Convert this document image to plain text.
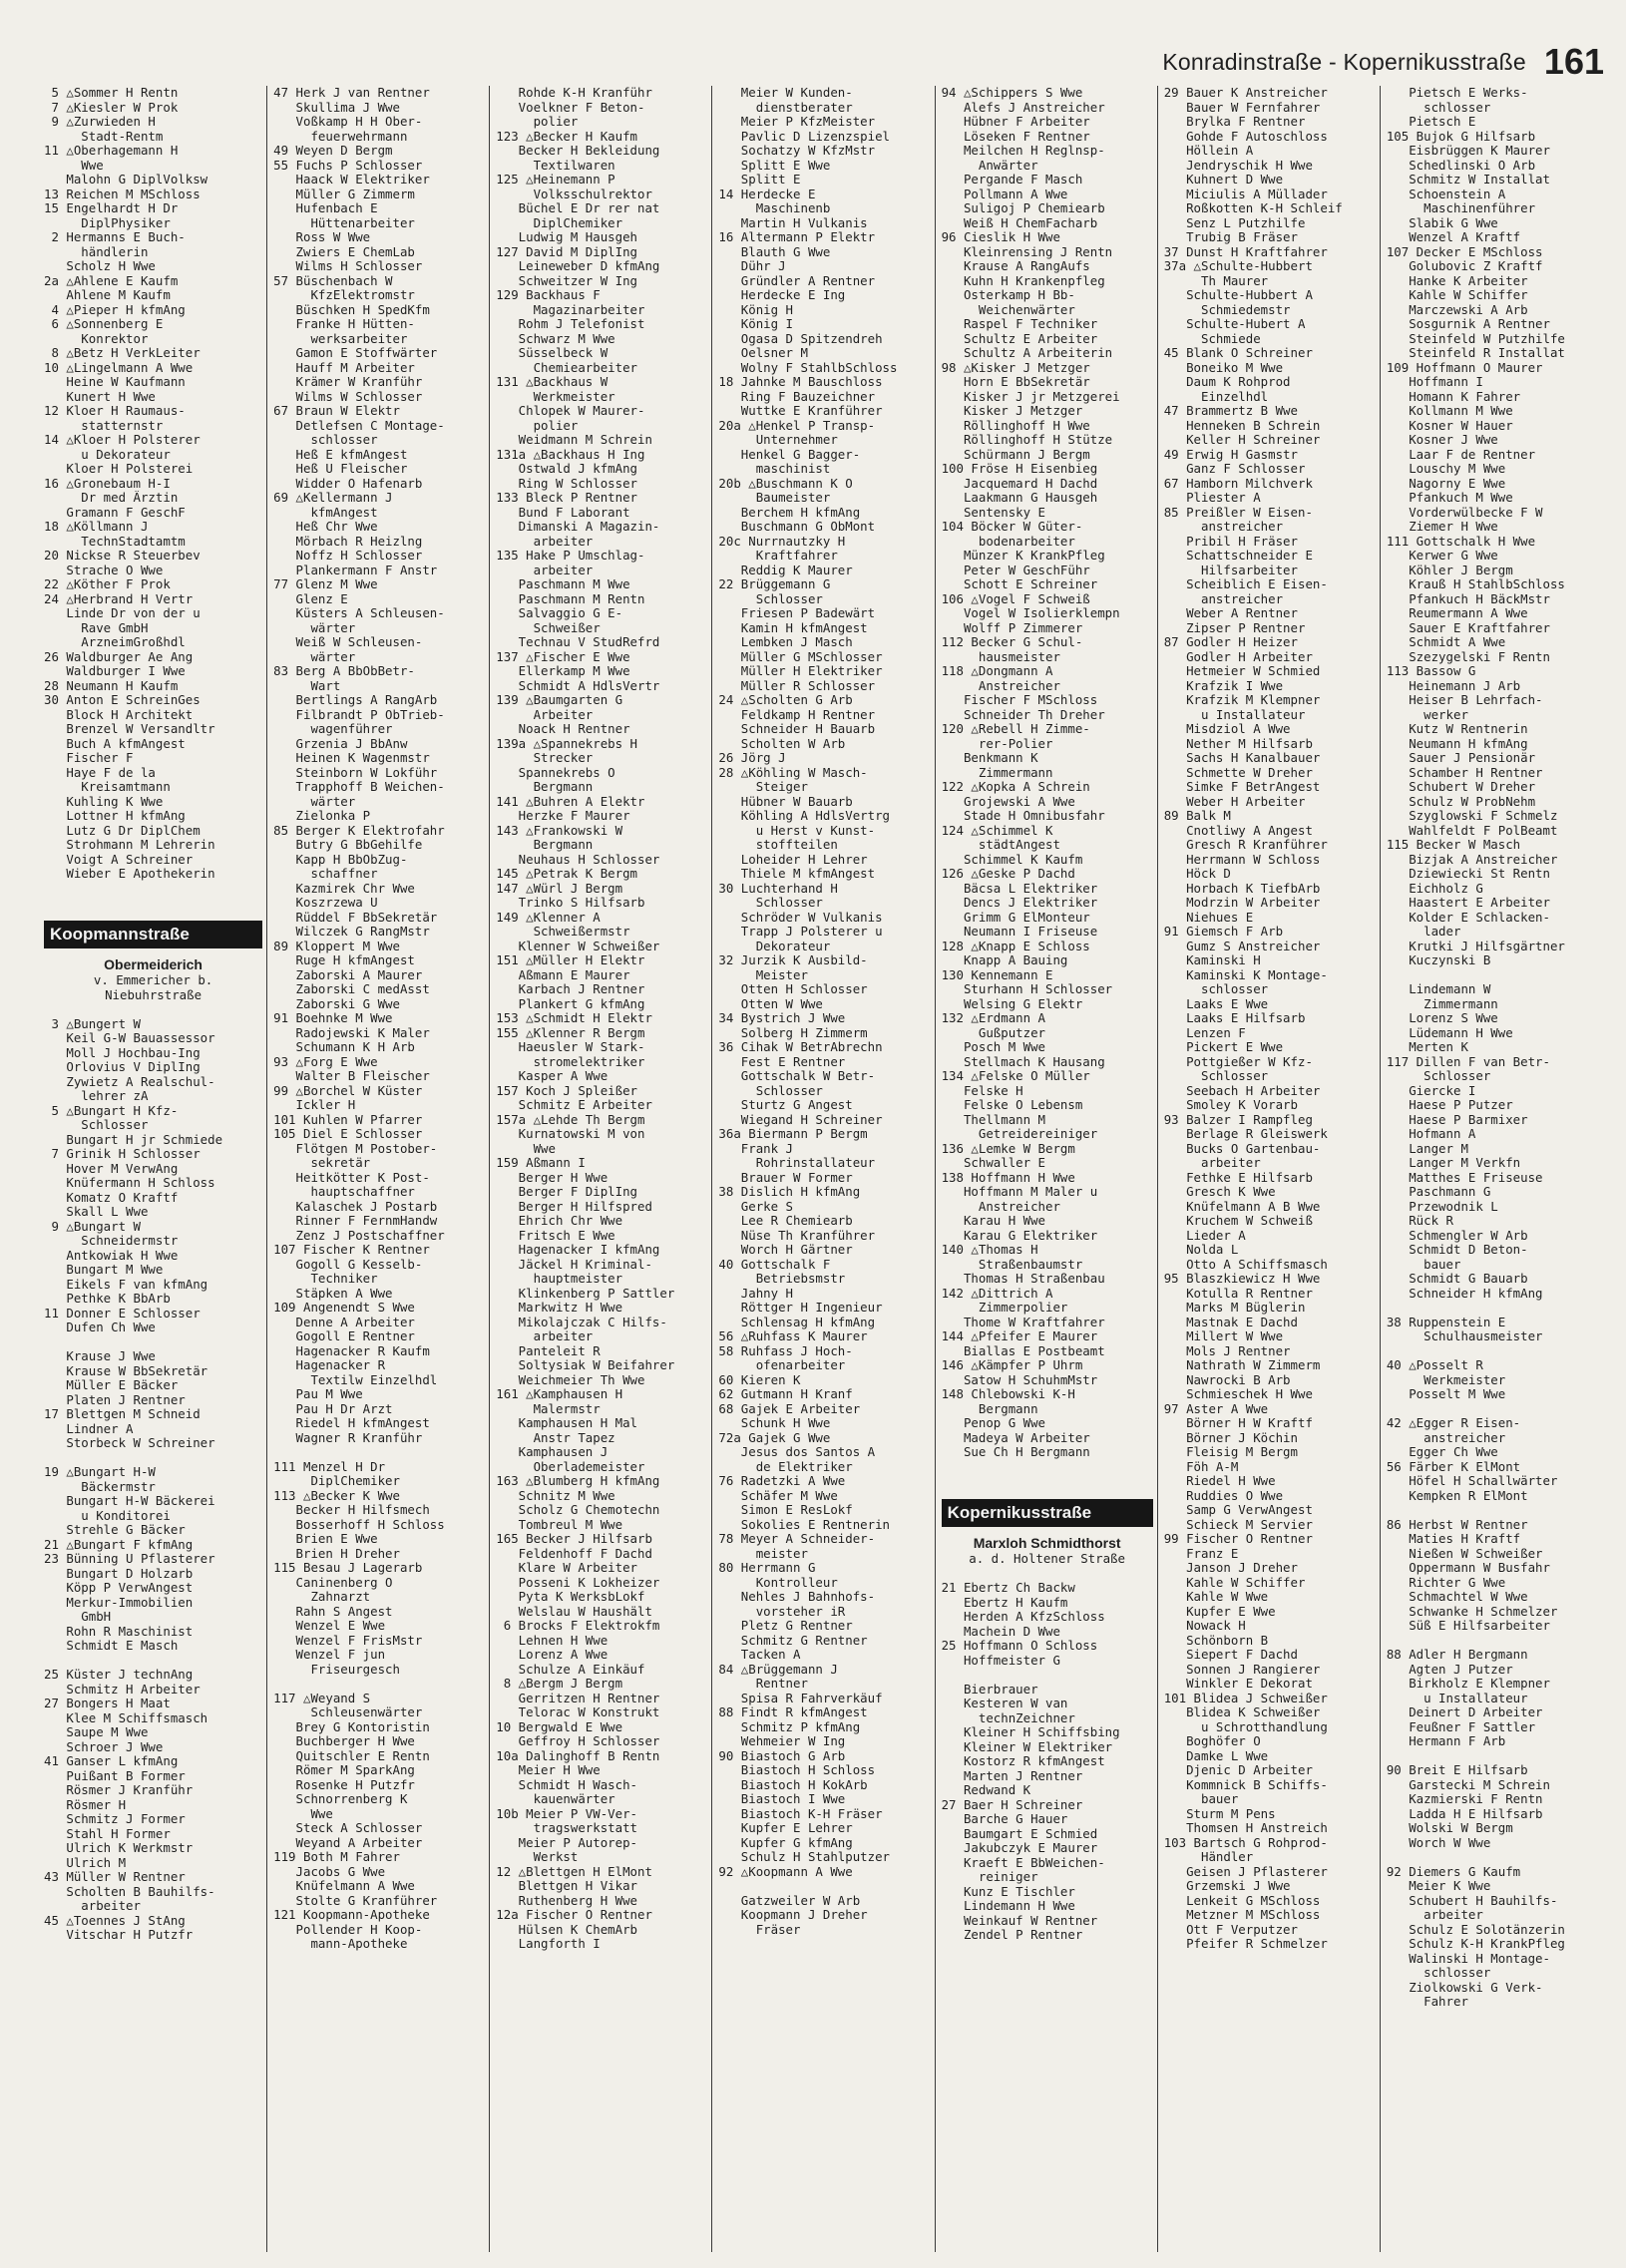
Konradinstraße - Kopernikusstraße 161
5 △Sommer H Rentn
7 △Kiesler W Prok
9 △Zurwieden H
Stadt-Rentm
11 △Oberhagemann H
Wwe
Malohn G DiplVolksw
13 Reichen M MSchloss
15 Engelhardt H Dr
DiplPhysiker
2 Hermanns E Buch-
händlerin
Scholz H Wwe
2a △Ahlene E Kaufm
Ahlene M Kaufm
4 △Pieper H kfmAng
6 △Sonnenberg E
Konrektor
8 △Betz H VerkLeiter
10 △Lingelmann A Wwe
Heine W Kaufmann
Kunert H Wwe
12 Kloer H Raumaus-
statternstr
14 △Kloer H Polsterer
u Dekorateur
Kloer H Polsterei
16 △Gronebaum H-I
Dr med Ärztin
Gramann F GeschF
18 △Köllmann J
TechnStadtamtm
20 Nickse R Steuerbev
Strache O Wwe
22 △Köther F Prok
24 △Herbrand H Vertr
Linde Dr von der u
Rave GmbH
ArzneimGroßhdl
26 Waldburger Ae Ang
Waldburger I Wwe
28 Neumann H Kaufm
30 Anton E SchreinGes
Block H Architekt
Brenzel W Versandltr
Buch A kfmAngest
Fischer F
Haye F de la
Kreisamtmann
Kuhling K Wwe
Lottner H kfmAng
Lutz G Dr DiplChem
Strohmann M Lehrerin
Voigt A Schreiner
Wieber E Apothekerin
Koopmannstraße
Obermeiderich
v. Emmericher b.
Niebuhrstraße
3 △Bungert W
Keil G-W Bauassessor
Moll J Hochbau-Ing
Orlovius V DiplIng
Zywietz A Realschul-
lehrer zA
5 △Bungart H Kfz-
Schlosser
Bungart H jr Schmiede
7 Grinik H Schlosser
Hover M VerwAng
Knüfermann H Schloss
Komatz O Kraftf
Skall L Wwe
9 △Bungart W
Schneidermstr
Antkowiak H Wwe
Bungart M Wwe
Eikels F van kfmAng
Pethke K BbArb
11 Donner E Schlosser
Dufen Ch Wwe
Krause J Wwe
Krause W BbSekretär
Müller E Bäcker
Platen J Rentner
17 Blettgen M Schneid
Lindner A
Storbeck W Schreiner
19 △Bungart H-W
Bäckermstr
Bungart H-W Bäckerei
u Konditorei
Strehle G Bäcker
21 △Bungart F kfmAng
23 Bünning U Pflasterer
Bungart D Holzarb
Köpp P VerwAngest
Merkur-Immobilien
GmbH
Rohn R Maschinist
Schmidt E Masch
25 Küster J technAng
Schmitz H Arbeiter
27 Bongers H Maat
Klee M Schiffsmasch
Saupe M Wwe
Schroer J Wwe
41 Ganser L kfmAng
Puißant B Former
Rösmer J Kranführ
Rösmer H
Schmitz J Former
Stahl H Former
Ulrich K Werkmstr
Ulrich M
43 Müller W Rentner
Scholten B Bauhilfs-
arbeiter
45 △Toennes J StAng
Vitschar H Putzfr
47 Herk J van Rentner
Skullima J Wwe
Voßkamp H H Ober-
feuerwehrmann
49 Weyen D Bergm
55 Fuchs P Schlosser
Haack W Elektriker
Müller G Zimmerm
Hufenbach E
Hüttenarbeiter
Ross W Wwe
Zwiers E ChemLab
Wilms H Schlosser
57 Büschenbach W
KfzElektromstr
Büschken H SpedKfm
Franke H Hütten-
werksarbeiter
Gamon E Stoffwärter
Hauff M Arbeiter
Krämer W Kranführ
Wilms W Schlosser
67 Braun W Elektr
Detlefsen C Montage-
schlosser
Heß E kfmAngest
Heß U Fleischer
Widder O Hafenarb
69 △Kellermann J
kfmAngest
Heß Chr Wwe
Mörbach R Heizlng
Noffz H Schlosser
Plankermann F Anstr
77 Glenz M Wwe
Glenz E
Küsters A Schleusen-
wärter
Weiß W Schleusen-
wärter
83 Berg A BbObBetr-
Wart
Bertlings A RangArb
Filbrandt P ObTrieb-
wagenführer
Grzenia J BbAnw
Heinen K Wagenmstr
Steinborn W Lokführ
Trapphoff B Weichen-
wärter
Zielonka P
85 Berger K Elektrofahr
Butry G BbGehilfe
Kapp H BbObZug-
schaffner
Kazmirek Chr Wwe
Koszrzewa U
Rüddel F BbSekretär
Wilczek G RangMstr
89 Kloppert M Wwe
Ruge H kfmAngest
Zaborski A Maurer
Zaborski C medAsst
Zaborski G Wwe
91 Boehnke M Wwe
Radojewski K Maler
Schumann K H Arb
93 △Forg E Wwe
Walter B Fleischer
99 △Borchel W Küster
Ickler H
101 Kuhlen W Pfarrer
105 Diel E Schlosser
Flötgen M Postober-
sekretär
Heitkötter K Post-
hauptschaffner
Kalaschek J Postarb
Rinner F FernmHandw
Zenz J Postschaffner
107 Fischer K Rentner
Gogoll G Kesselb-
Techniker
Stäpken A Wwe
109 Angenendt S Wwe
Denne A Arbeiter
Gogoll E Rentner
Hagenacker R Kaufm
Hagenacker R
Textilw Einzelhdl
Pau M Wwe
Pau H Dr Arzt
Riedel H kfmAngest
Wagner R Kranführ
111 Menzel H Dr
DiplChemiker
113 △Becker K Wwe
Becker H Hilfsmech
Bosserhoff H Schloss
Brien E Wwe
Brien H Dreher
115 Besau J Lagerarb
Caninenberg O
Zahnarzt
Rahn S Angest
Wenzel E Wwe
Wenzel F FrisMstr
Wenzel F jun
Friseurgesch
117 △Weyand S
Schleusenwärter
Brey G Kontoristin
Buchberger H Wwe
Quitschler E Rentn
Römer M SparkAng
Rosenke H Putzfr
Schnorrenberg K
Wwe
Steck A Schlosser
Weyand A Arbeiter
119 Both M Fahrer
Jacobs G Wwe
Knüfelmann A Wwe
Stolte G Kranführer
121 Koopmann-Apotheke
Pollender H Koop-
mann-Apotheke
Rohde K-H Kranführ
Voelkner F Beton-
polier
123 △Becker H Kaufm
Becker H Bekleidung
Textilwaren
125 △Heinemann P
Volksschulrektor
Büchel E Dr rer nat
DiplChemiker
Ludwig M Hausgeh
127 David M DiplIng
Leineweber D kfmAng
Schweitzer W Ing
129 Backhaus F
Magazinarbeiter
Rohm J Telefonist
Schwarz M Wwe
Süsselbeck W
Chemiearbeiter
131 △Backhaus W
Werkmeister
Chlopek W Maurer-
polier
Weidmann M Schrein
131a △Backhaus H Ing
Ostwald J kfmAng
Ring W Schlosser
133 Bleck P Rentner
Bund F Laborant
Dimanski A Magazin-
arbeiter
135 Hake P Umschlag-
arbeiter
Paschmann M Wwe
Paschmann M Rentn
Salvaggio G E-
Schweißer
Technau V StudRefrd
137 △Fischer E Wwe
Ellerkamp M Wwe
Schmidt A HdlsVertr
139 △Baumgarten G
Arbeiter
Noack H Rentner
139a △Spannekrebs H
Strecker
Spannekrebs O
Bergmann
141 △Buhren A Elektr
Herzke F Maurer
143 △Frankowski W
Bergmann
Neuhaus H Schlosser
145 △Petrak K Bergm
147 △Würl J Bergm
Trinko S Hilfsarb
149 △Klenner A
Schweißermstr
Klenner W Schweißer
151 △Müller H Elektr
Aßmann E Maurer
Karbach J Rentner
Plankert G kfmAng
153 △Schmidt H Elektr
155 △Klenner R Bergm
Haeusler W Stark-
stromelektriker
Kasper A Wwe
157 Koch J Spleißer
Schmitz E Arbeiter
157a △Lehde Th Bergm
Kurnatowski M von
Wwe
159 Aßmann I
Berger H Wwe
Berger F DiplIng
Berger H Hilfspred
Ehrich Chr Wwe
Fritsch E Wwe
Hagenacker I kfmAng
Jäckel H Kriminal-
hauptmeister
Klinkenberg P Sattler
Markwitz H Wwe
Mikolajczak C Hilfs-
arbeiter
Panteleit R
Soltysiak W Beifahrer
Weichmeier Th Wwe
161 △Kamphausen H
Malermstr
Kamphausen H Mal
Anstr Tapez
Kamphausen J
Oberlademeister
163 △Blumberg H kfmAng
Schnitz M Wwe
Scholz G Chemotechn
Tombreul M Wwe
165 Becker J Hilfsarb
Feldenhoff F Dachd
Klare W Arbeiter
Posseni K Lokheizer
Pyta K WerksbLokf
Welslau W Haushält
6 Brocks F Elektrokfm
Lehnen H Wwe
Lorenz A Wwe
Schulze A Einkäuf
8 △Bergm J Bergm
Gerritzen H Rentner
Telorac W Konstrukt
10 Bergwald E Wwe
Geffroy H Schlosser
10a Dalinghoff B Rentn
Meier H Wwe
Schmidt H Wasch-
kauenwärter
10b Meier P VW-Ver-
tragswerkstatt
Meier P Autorep-
Werkst
12 △Blettgen H ElMont
Blettgen H Vikar
Ruthenberg H Wwe
12a Fischer O Rentner
Hülsen K ChemArb
Langforth I
Meier W Kunden-
dienstberater
Meier P KfzMeister
Pavlic D Lizenzspiel
Sochatzy W KfzMstr
Splitt E Wwe
Splitt E
14 Herdecke E
Maschinenb
Martin H Vulkanis
16 Altermann P Elektr
Blauth G Wwe
Dühr J
Gründler A Rentner
Herdecke E Ing
König H
König I
Ogasa D Spitzendreh
Oelsner M
Wolny F StahlbSchloss
18 Jahnke M Bauschloss
Ring F Bauzeichner
Wuttke E Kranführer
20a △Henkel P Transp-
Unternehmer
Henkel G Bagger-
maschinist
20b △Buschmann K O
Baumeister
Berchem H kfmAng
Buschmann G ObMont
20c Nurrnautzky H
Kraftfahrer
Reddig K Maurer
22 Brüggemann G
Schlosser
Friesen P Badewärt
Kamin H kfmAngest
Lembken J Masch
Müller G MSchlosser
Müller H Elektriker
Müller R Schlosser
24 △Scholten G Arb
Feldkamp H Rentner
Schneider H Bauarb
Scholten W Arb
26 Jörg J
28 △Köhling W Masch-
Steiger
Hübner W Bauarb
Köhling A HdlsVertrg
u Herst v Kunst-
stoffteilen
Loheider H Lehrer
Thiele M kfmAngest
30 Luchterhand H
Schlosser
Schröder W Vulkanis
Trapp J Polsterer u
Dekorateur
32 Jurzik K Ausbild-
Meister
Otten H Schlosser
Otten W Wwe
34 Bystrich J Wwe
Solberg H Zimmerm
36 Cihak W BetrAbrechn
Fest E Rentner
Gottschalk W Betr-
Schlosser
Sturtz G Angest
Wiegand H Schreiner
36a Biermann P Bergm
Frank J
Rohrinstallateur
Brauer W Former
38 Dislich H kfmAng
Gerke S
Lee R Chemiearb
Nüse Th Kranführer
Worch H Gärtner
40 Gottschalk F
Betriebsmstr
Jahny H
Röttger H Ingenieur
Schlensag H kfmAng
56 △Ruhfass K Maurer
58 Ruhfass J Hoch-
ofenarbeiter
60 Kieren K
62 Gutmann H Kranf
68 Gajek E Arbeiter
Schunk H Wwe
72a Gajek G Wwe
Jesus dos Santos A
de Elektriker
76 Radetzki A Wwe
Schäfer M Wwe
Simon E ResLokf
Sokolies E Rentnerin
78 Meyer A Schneider-
meister
80 Herrmann G
Kontrolleur
Nehles J Bahnhofs-
vorsteher iR
Pletz G Rentner
Schmitz G Rentner
Tacken A
84 △Brüggemann J
Rentner
Spisa R Fahrverkäuf
88 Findt R kfmAngest
Schmitz P kfmAng
Wehmeier W Ing
90 Biastoch G Arb
Biastoch H Schloss
Biastoch H KokArb
Biastoch I Wwe
Biastoch K-H Fräser
Kupfer E Lehrer
Kupfer G kfmAng
Schulz H Stahlputzer
92 △Koopmann A Wwe
Gatzweiler W Arb
Koopmann J Dreher
Fräser
94 △Schippers S Wwe
Alefs J Anstreicher
Hübner F Arbeiter
Löseken F Rentner
Meilchen H Reglnsp-
Anwärter
Pergande F Masch
Pollmann A Wwe
Suligoj P Chemiearb
Weiß H ChemFacharb
96 Cieslik H Wwe
Kleinrensing J Rentn
Krause A RangAufs
Kuhn H Krankenpfleg
Osterkamp H Bb-
Weichenwärter
Raspel F Techniker
Schultz E Arbeiter
Schultz A Arbeiterin
98 △Kisker J Metzger
Horn E BbSekretär
Kisker J jr Metzgerei
Kisker J Metzger
Röllinghoff H Wwe
Röllinghoff H Stütze
Schürmann J Bergm
100 Fröse H Eisenbieg
Jacquemard H Dachd
Laakmann G Hausgeh
Sentensky E
104 Böcker W Güter-
bodenarbeiter
Münzer K KrankPfleg
Peter W GeschFühr
Schott E Schreiner
106 △Vogel F Schweiß
Vogel W Isolierklempn
Wolff P Zimmerer
112 Becker G Schul-
hausmeister
118 △Dongmann A
Anstreicher
Fischer F MSchloss
Schneider Th Dreher
120 △Rebell H Zimme-
rer-Polier
Benkmann K
Zimmermann
122 △Kopka A Schrein
Grojewski A Wwe
Stade H Omnibusfahr
124 △Schimmel K
städtAngest
Schimmel K Kaufm
126 △Geske P Dachd
Bäcsa L Elektriker
Dencs J Elektriker
Grimm G ElMonteur
Neumann I Friseuse
128 △Knapp E Schloss
Knapp A Bauing
130 Kennemann E
Sturhann H Schlosser
Welsing G Elektr
132 △Erdmann A
Gußputzer
Posch M Wwe
Stellmach K Hausang
134 △Felske O Müller
Felske H
Felske O Lebensm
Thellmann M
Getreidereiniger
136 △Lemke W Bergm
Schwaller E
138 Hoffmann H Wwe
Hoffmann M Maler u
Anstreicher
Karau H Wwe
Karau G Elektriker
140 △Thomas H
Straßenbaumstr
Thomas H Straßenbau
142 △Dittrich A
Zimmerpolier
Thome W Kraftfahrer
144 △Pfeifer E Maurer
Biallas E Postbeamt
146 △Kämpfer P Uhrm
Satow H SchuhmMstr
148 Chlebowski K-H
Bergmann
Penop G Wwe
Madeya W Arbeiter
Sue Ch H Bergmann
Kopernikusstraße
Marxloh Schmidthorst
a. d. Holtener Straße
21 Ebertz Ch Backw
Ebertz H Kaufm
Herden A KfzSchloss
Machein D Wwe
25 Hoffmann O Schloss
Hoffmeister G
Bierbrauer
Kesteren W van
technZeichner
Kleiner H Schiffsbing
Kleiner W Elektriker
Kostorz R kfmAngest
Marten J Rentner
Redwand K
27 Baer H Schreiner
Barche G Hauer
Baumgart E Schmied
Jakubczyk E Maurer
Kraeft E BbWeichen-
reiniger
Kunz E Tischler
Lindemann H Wwe
Weinkauf W Rentner
Zendel P Rentner
29 Bauer K Anstreicher
Bauer W Fernfahrer
Brylka F Rentner
Gohde F Autoschloss
Höllein A
Jendryschik H Wwe
Kuhnert D Wwe
Miciulis A Müllader
Roßkotten K-H Schleif
Senz L Putzhilfe
Trubig B Fräser
37 Dunst H Kraftfahrer
37a △Schulte-Hubbert
Th Maurer
Schulte-Hubbert A
Schmiedemstr
Schulte-Hubert A
Schmiede
45 Blank O Schreiner
Boneiko M Wwe
Daum K Rohprod
Einzelhdl
47 Brammertz B Wwe
Henneken B Schrein
Keller H Schreiner
49 Erwig H Gasmstr
Ganz F Schlosser
67 Hamborn Milchverk
Pliester A
85 Preißler W Eisen-
anstreicher
Pribil H Fräser
Schattschneider E
Hilfsarbeiter
Scheiblich E Eisen-
anstreicher
Weber A Rentner
Zipser P Rentner
87 Godler H Heizer
Godler H Arbeiter
Hetmeier W Schmied
Krafzik I Wwe
Krafzik M Klempner
u Installateur
Misdziol A Wwe
Nether M Hilfsarb
Sachs H Kanalbauer
Schmette W Dreher
Simke F BetrAngest
Weber H Arbeiter
89 Balk M
Cnotliwy A Angest
Gresch R Kranführer
Herrmann W Schloss
Höck D
Horbach K TiefbArb
Modrzin W Arbeiter
Niehues E
91 Giemsch F Arb
Gumz S Anstreicher
Kaminski H
Kaminski K Montage-
schlosser
Laaks E Wwe
Laaks E Hilfsarb
Lenzen F
Pickert E Wwe
Pottgießer W Kfz-
Schlosser
Seebach H Arbeiter
Smoley K Vorarb
93 Balzer I Rampfleg
Berlage R Gleiswerk
Bucks O Gartenbau-
arbeiter
Fethke E Hilfsarb
Gresch K Wwe
Knüfelmann A B Wwe
Kruchem W Schweiß
Lieder A
Nolda L
Otto A Schiffsmasch
95 Blaszkiewicz H Wwe
Kotulla R Rentner
Marks M Büglerin
Mastnak E Dachd
Millert W Wwe
Mols J Rentner
Nathrath W Zimmerm
Nawrocki B Arb
Schmieschek H Wwe
97 Aster A Wwe
Börner H W Kraftf
Börner J Köchin
Fleisig M Bergm
Föh A-M
Riedel H Wwe
Ruddies O Wwe
Samp G VerwAngest
Schieck M Servier
99 Fischer O Rentner
Franz E
Janson J Dreher
Kahle W Schiffer
Kahle W Wwe
Kupfer E Wwe
Nowack H
Schönborn B
Siepert F Dachd
Sonnen J Rangierer
Winkler E Dekorat
101 Blidea J Schweißer
Blidea K Schweißer
u Schrotthandlung
Boghöfer O
Damke L Wwe
Djenic D Arbeiter
Kommnick B Schiffs-
bauer
Sturm M Pens
Thomsen H Anstreich
103 Bartsch G Rohprod-
Händler
Geisen J Pflasterer
Grzemski J Wwe
Lenkeit G MSchloss
Metzner M MSchloss
Ott F Verputzer
Pfeifer R Schmelzer
Pietsch E Werks-
schlosser
Pietsch E
105 Bujok G Hilfsarb
Eisbrüggen K Maurer
Schedlinski O Arb
Schmitz W Installat
Schoenstein A
Maschinenführer
Slabik G Wwe
Wenzel A Kraftf
107 Decker E MSchloss
Golubovic Z Kraftf
Hanke K Arbeiter
Kahle W Schiffer
Marczewski A Arb
Sosgurnik A Rentner
Steinfeld W Putzhilfe
Steinfeld R Installat
109 Hoffmann O Maurer
Hoffmann I
Homann K Fahrer
Kollmann M Wwe
Kosner W Hauer
Kosner J Wwe
Laar F de Rentner
Louschy M Wwe
Nagorny E Wwe
Pfankuch M Wwe
Vorderwülbecke F W
Ziemer H Wwe
111 Gottschalk H Wwe
Kerwer G Wwe
Köhler J Bergm
Krauß H StahlbSchloss
Pfankuch H BäckMstr
Reumermann A Wwe
Sauer E Kraftfahrer
Schmidt A Wwe
Szezygelski F Rentn
113 Bassow G
Heinemann J Arb
Heiser B Lehrfach-
werker
Kutz W Rentnerin
Neumann H kfmAng
Sauer J Pensionär
Schamber H Rentner
Schubert W Dreher
Schulz W ProbNehm
Szyglowski F Schmelz
Wahlfeldt F PolBeamt
115 Becker W Masch
Bizjak A Anstreicher
Dziewiecki St Rentn
Eichholz G
Haastert E Arbeiter
Kolder E Schlacken-
lader
Krutki J Hilfsgärtner
Kuczynski B
Lindemann W
Zimmermann
Lorenz S Wwe
Lüdemann H Wwe
Merten K
117 Dillen F van Betr-
Schlosser
Giercke I
Haese P Putzer
Haese P Barmixer
Hofmann A
Langer M
Langer M Verkfn
Matthes E Friseuse
Paschmann G
Przewodnik L
Rück R
Schmengler W Arb
Schmidt D Beton-
bauer
Schmidt G Bauarb
Schneider H kfmAng
38 Ruppenstein E
Schulhausmeister
40 △Posselt R
Werkmeister
Posselt M Wwe
42 △Egger R Eisen-
anstreicher
Egger Ch Wwe
56 Färber K ElMont
Höfel H Schallwärter
Kempken R ElMont
86 Herbst W Rentner
Maties H Kraftf
Nießen W Schweißer
Oppermann W Busfahr
Richter G Wwe
Schmachtel W Wwe
Schwanke H Schmelzer
Süß E Hilfsarbeiter
88 Adler H Bergmann
Agten J Putzer
Birkholz E Klempner
u Installateur
Deinert D Arbeiter
Feußner F Sattler
Hermann F Arb
90 Breit E Hilfsarb
Garstecki M Schrein
Kazmierski F Rentn
Ladda H E Hilfsarb
Wolski W Bergm
Worch W Wwe
92 Diemers G Kaufm
Meier K Wwe
Schubert H Bauhilfs-
arbeiter
Schulz E Solotänzerin
Schulz K-H KrankPfleg
Walinski H Montage-
schlosser
Ziolkowski G Verk-
Fahrer
